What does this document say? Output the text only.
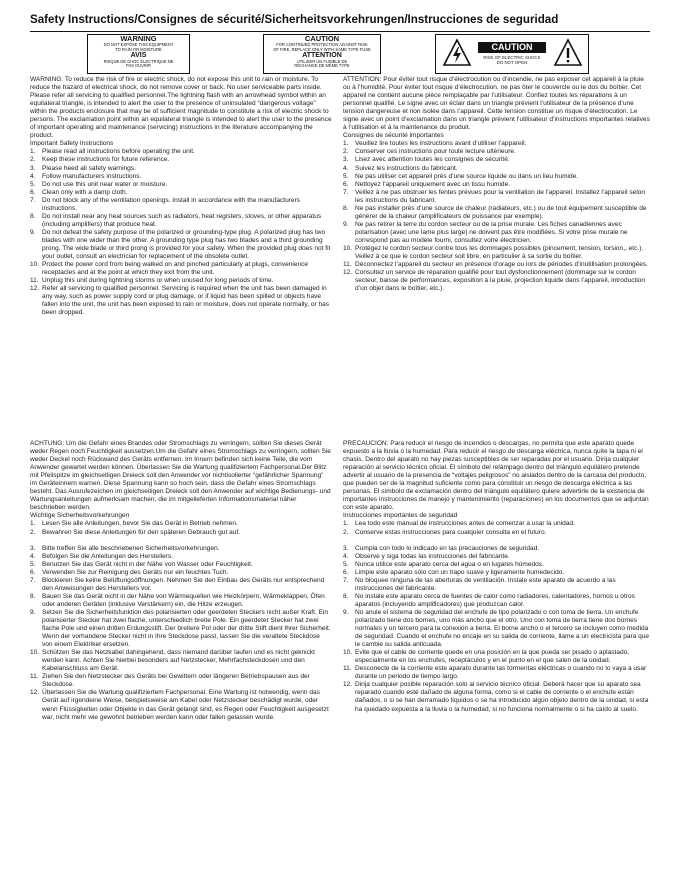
Safety Instructions/Consignes de sécurité/Sicherheitsvorkehrungen/Instrucciones de seguridad
WARNING
DO NOT EXPOSE THIS EQUIPMENT
TO RAIN OR MOISTURE
AVIS
RISQUE DE CHOC ÉLECTRIQUE NE
PAS OUVRIR
CAUTION
FOR CONTINUED PROTECTION AGAINST RISK
OF FIRE, REPLACE ONLY WITH SAME TYPE FUSE
ATTENTION
UTILISER UN FUSIBLE DE
RECHANGE DE MÊME TYPE
CAUTION
RISK OF ELECTRIC SHOCK
DO NOT OPEN

WARNING: To reduce the risk of fire or electric shock, do not expose this unit to rain or moisture. To reduce the hazard of electrical shock, do not remove cover or back. No user serviceable parts inside. Please refer all servicing to qualified personnel.The lightning flash with an arrowhead symbol within an equilateral triangle, is intended to alert the user to the presence of uninsulated “dangerous voltage” within the products enclosure that may be of sufficient magnitude to constitute a risk of electric shock to persons. The exclamation point within an equilateral triangle is intended to alert the user to the presence of important operating and maintenance (servicing) instructions in the literature accompanying the product.

Important Safety Instructions

1. Please read all instructions before operating the unit.
2. Keep these instructions for future reference.
3. Please heed all safety warnings.
4. Follow manufacturers instructions.
5. Do not use this unit near water or moisture.
6. Clean only with a damp cloth.
7. Do not block any of the ventilation openings. Install in accordance with the manufacturers instructions.
8. Do not install near any heat sources such as radiators, heat registers, stoves, or other apparatus (including amplifiers) that produce heat.
9. Do not defeat the safety purpose of the polarized or grounding-type plug. A polarized plug has two blades with one wider than the other. A grounding type plug has two blades and a third grounding prong. The wide blade or third prong is provided for your safety. When the provided plug does not fit your outlet, consult an electrician for replacement of the obsolete outlet.
10. Protect the power cord from being walked on and pinched particularly at plugs, convenience receptacles and at the point at which they exit from the unit.
11. Unplug this unit during lightning storms or when unused for long periods of time.
12. Refer all servicing to qualified personnel. Servicing is required when the unit has been damaged in any way, such as power supply cord or plug damage, or if liquid has been spilled or objects have fallen into the unit, the unit has been exposed to rain or moisture, does not operate normally, or has been dropped.

ATTENTION: Pour éviter tout risque d’électrocution ou d’incendie, ne pas exposer cet appareil à la pluie ou à l’humidité. Pour éviter tout risque d’électrocution, ne pas ôter le couvercle ou le dos du boîtier. Cet appareil ne contient aucune pièce remplaçable par l’utilisateur. Confiez toutes les réparations à un personnel qualifié. Le signe avec un éclair dans un triangle prévient l’utilisateur de la présence d’une tension dangereuse et non isolée dans l’appareil. Cette tension constitue un risque d’électrocution. Le signe avec un point d’exclamation dans un triangle prévient l’utilisateur d’instructions importantes relatives à l’utilisation et à la maintenance du produit.

Consignes de sécurité importantes

1. Veuillez lire toutes les instructions avant d’utiliser l’appareil.
2. Conserver ces instructions pour toute lecture ultérieure.
3. Lisez avec attention toutes les consignes de sécurité.
4. Suivez les instructions du fabricant.
5. Ne pas utiliser cet appareil près d’une source liquide ou dans un lieu humide.
6. Nettoyez l’appareil uniquement avec un tissu humide.
7. Veillez à ne pas obstruer les fentes prévues pour la ventilation de l’appareil. Installez l’appareil selon les instructions du fabricant.
8. Ne pas installer près d’une source de chaleur (radiateurs, etc.) ou de tout équipement susceptible de générer de la chaleur (amplificateurs de puissance par exemple).
9. Ne pas retirer la terre du cordon secteur ou de la prise murale. Les fiches canadiennes avec polarisation (avec une lame plus large) ne doivent pas être modifiées. Si votre prise murale ne correspond pas au modèle fourni, consultez votre électricien.
10. Protégez le cordon secteur contre tous les dommages possibles (pincement, tension, torsion,, etc.). Veillez à ce que le cordon secteur soit libre, en particulier à sa sortie du boîtier.
11. Déconnectez l’appareil du secteur en présence d’orage ou lors de périodes d’inutilisation prolongées.
12. Consultez un service de réparation qualifié pour tout dysfonctionnement (dommage sur le cordon secteur, baisse de performances, exposition à la pluie, projection liquide dans l’appareil, introduction d’un objet dans le boîtier, etc.).

ACHTUNG: Um die Gefahr eines Brandes oder Stromschlags zu verringern, sollten Sie dieses Gerät weder Regen noch Feuchtigkeit aussetzen.Um die Gefahr eines Stromschlags zu verringern, sollten Sie weder Deckel noch Rückwand des Geräts entfernen. Im Innern befinden sich keine Teile, die vom Anwender gewartet werden können. Überlassen Sie die Wartung qualifiziertem Fachpersonal.Der Blitz mit Pfeilspitze im gleichseitigen Dreieck soll den Anwender vor nichtisolierter “gefährlicher Spannung” im Geräteinnern warnen. Diese Spannung kann so hoch sein, dass die Gefahr eines Stromschlags besteht. Das Ausrufezeichen im gleichseitigen Dreieck soll den Anwender auf wichtige Bedienungs- und Wartungsanleitungen aufmerksam machen, die im mitgelieferten Informationsmaterial näher beschrieben werden.

Wichtige Sicherheitsvorkehrungen

1. Lesen Sie alle Anleitungen, bevor Sie das Gerät in Betrieb nehmen.
2. Bewahren Sie diese Anleitungen für den späteren Gebrauch gut auf.
3. Bitte treffen Sie alle beschriebenen Sicherheitsvorkehrungen.
4. Befolgen Sie die Anleitungen des Herstellers.
5. Benutzen Sie das Gerät nicht in der Nähe von Wasser oder Feuchtigkeit.
6. Verwenden Sie zur Reinigung des Geräts nur ein feuchtes Tuch.
7. Blockieren Sie keine Belüftungsöffnungen. Nehmen Sie den Einbau des Geräts nur entsprechend den Anweisungen des Herstellers vor.
8. Bauen Sie das Gerät nicht in der Nähe von Wärmequellen wie Heizkörpern, Wärmeklappen, Öfen oder anderen Geräten (inklusive Verstärkern) ein, die Hitze erzeugen.
9. Setzen Sie die Sicherheitsfunktion des polarisierten oder geerdeten Steckers nicht außer Kraft. Ein polarisierter Stecker hat zwei flache, unterschiedlich breite Pole. Ein geerdeter Stecker hat zwei flache Pole und einen dritten Erdungsstift. Der breitere Pol oder der dritte Stift dient Ihrer Sicherheit. Wenn der vorhandene Stecker nicht in Ihre Steckdose passt, lassen Sie die veraltete Steckdose von einem Elektriker ersetzen.
10. Schützen Sie das Netzkabel dahingehend, dass niemand darüber laufen und es nicht geknickt werden kann. Achten Sie hierbei besonders auf Netzstecker, Mehrfachsteckdosen und den Kabelanschluss am Gerät.
11. Ziehen Sie den Netzstecker des Geräts bei Gewittern oder längeren Betriebspausen aus der Steckdose.
12. Überlassen Sie die Wartung qualifiziertem Fachpersonal. Eine Wartung ist notwendig, wenn das Gerät auf irgendeine Weise, beispielsweise am Kabel oder Netzstecker beschädigt wurde, oder wenn Flüssigkeiten oder Objekte in das Gerät gelangt sind, es Regen oder Feuchtigkeit ausgesetzt war, nicht mehr wie gewohnt betrieben werden kann oder fallen gelassen wurde.

PRECAUCION: Para reducir el riesgo de incendios o descargas, no permita que este aparato quede expuesto a la lluvia o la humedad. Para reducir el riesgo de descarga eléctrica, nunca quite la tapa ni el chasis. Dentro del aparato no hay piezas susceptibles de ser reparadas por el usuario. Dirija cualquier reparación al servicio técnico oficial. El símbolo del relámpago dentro del triángulo equilátero pretende advertir al usuario de la presencia de “voltajes peligrosos” no aislados dentro de la carcasa del producto, que pueden ser de la magnitud suficiente como para constituir un riesgo de descarga eléctrica a las personas. El símbolo de exclamación dentro del triángulo equilátero quiere advertirle de la existencia de importantes instrucciones de manejo y mantenimiento (reparaciones) en los documentos que se adjuntan con este aparato.

Instrucciones importantes de seguridad

1. Lea todo este manual de instrucciones antes de comenzar a usar la unidad.
2. Conserve estas instrucciones para cualquier consulta en el futuro.
3. Cumpla con todo lo indicado en las precauciones de seguridad.
4. Observe y siga todas las instrucciones del fabricante.
5. Nunca utilice este aparato cerca del agua o en lugares húmedos.
6. Limpie este aparato sólo con un trapo suave y ligeramente humedecido.
7. No bloquee ninguna de las aberturas de ventilación. Instale este aparato de acuerdo a las instrucciones del fabricante.
8. No instale este aparato cerca de fuentes de calor como radiadores, calentadores, hornos u otros aparatos (incluyendo amplificadores) que produzcan calor.
9. No anule el sistema de seguridad del enchufe de tipo polarizado o con toma de tierra. Un enchufe polarizado tiene dos bornes, uno más ancho que el otro. Uno con toma de tierra tiene dos bornes normales y un tercero para la conexión a tierra. El borne ancho o el tercero se incluyen como medida de seguridad. Cuando el enchufe no encaje en su salida de corriente, llame a un electricista para que le cambie su salida anticuada.
10. Evite que el cable de corriente quede en una posición en la que pueda ser pisado o aplastado, especialmente en los enchufes, receptáculos y en el punto en el que salen de la unidad.
11. Desconecte de la corriente este aparato durante las tormentas eléctricas o cuando no lo vaya a usar durante un periodo de tiempo largo.
12. Dirija cualquier posible reparación solo al servicio técnico oficial. Deberá hacer que su aparato sea reparado cuando esté dañado de alguna forma, como si el cable de corriente o el enchufe están dañados, o si se han derramado líquidos o se ha introducido algún objeto dentro de la unidad, si esta ha quedado expuesta a la lluvia o la humedad, si no funciona normalmente o si ha caído al suelo.
